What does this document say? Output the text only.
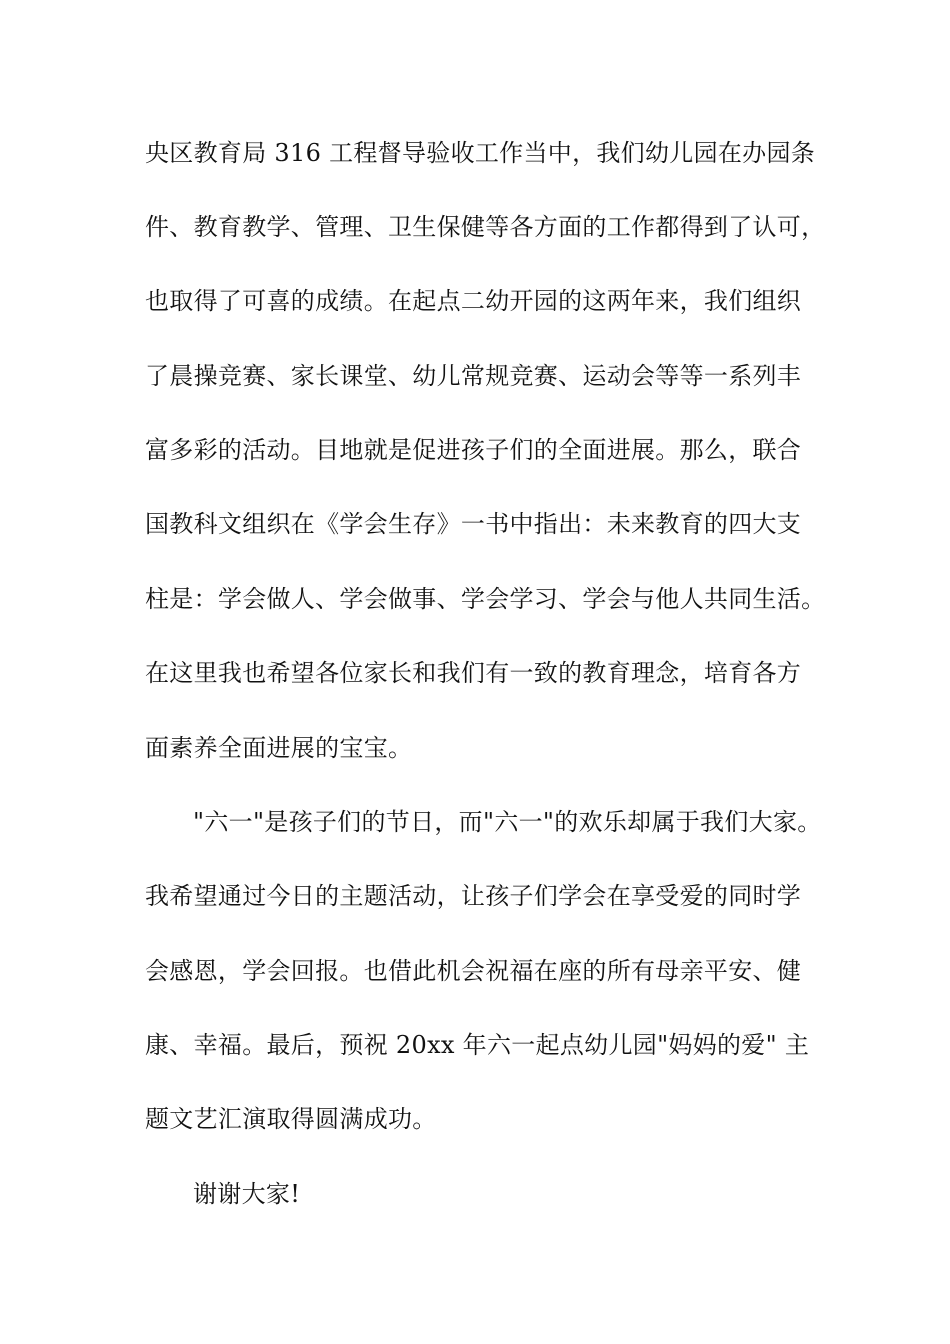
央区教育局 316 工程督导验收工作当中，我们幼儿园在办园条
件、教育教学、管理、卫生保健等各方面的工作都得到了认可，
也取得了可喜的成绩。在起点二幼开园的这两年来，我们组织
了晨操竞赛、家长课堂、幼儿常规竞赛、运动会等等一系列丰
富多彩的活动。目地就是促进孩子们的全面进展。那么，联合
国教科文组织在《学会生存》一书中指出：未来教育的四大支
柱是：学会做人、学会做事、学会学习、学会与他人共同生活。
在这里我也希望各位家长和我们有一致的教育理念，培育各方
面素养全面进展的宝宝。
"六一"是孩子们的节日，而"六一"的欢乐却属于我们大家。
我希望通过今日的主题活动，让孩子们学会在享受爱的同时学
会感恩，学会回报。也借此机会祝福在座的所有母亲平安、健
康、幸福。最后，预祝 20xx 年六一起点幼儿园"妈妈的爱" 主
题文艺汇演取得圆满成功。
谢谢大家!
